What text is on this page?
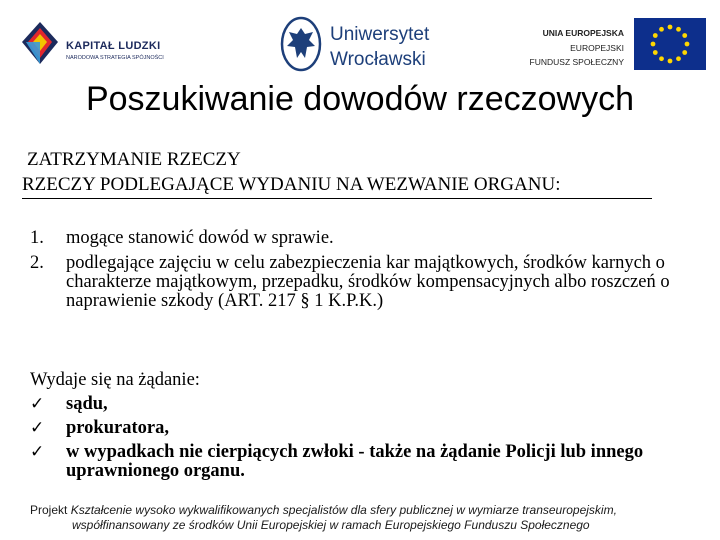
KAPITAŁ LUDZKI
NARODOWA STRATEGIA SPÓJNOŚCI
Uniwersytet
Wrocławski
UNIA EUROPEJSKA
EUROPEJSKI
FUNDUSZ SPOŁECZNY
Poszukiwanie dowodów rzeczowych
ZATRZYMANIE RZECZY
RZECZY PODLEGAJĄCE WYDANIU NA WEZWANIE ORGANU:
1. mogące stanowić dowód w sprawie.
2. podlegające zajęciu w celu zabezpieczenia kar majątkowych, środków karnych o charakterze majątkowym, przepadku, środków kompensacyjnych albo roszczeń o naprawienie szkody (ART. 217 § 1 K.P.K.)
Wydaje się na żądanie:
✓ sądu,
✓ prokuratora,
✓ w wypadkach nie cierpiących zwłoki - także na żądanie Policji lub innego uprawnionego organu.
Projekt Kształcenie wysoko wykwalifikowanych specjalistów dla sfery publicznej w wymiarze transeuropejskim,
współfinansowany ze środków Unii Europejskiej w ramach Europejskiego Funduszu Społecznego
